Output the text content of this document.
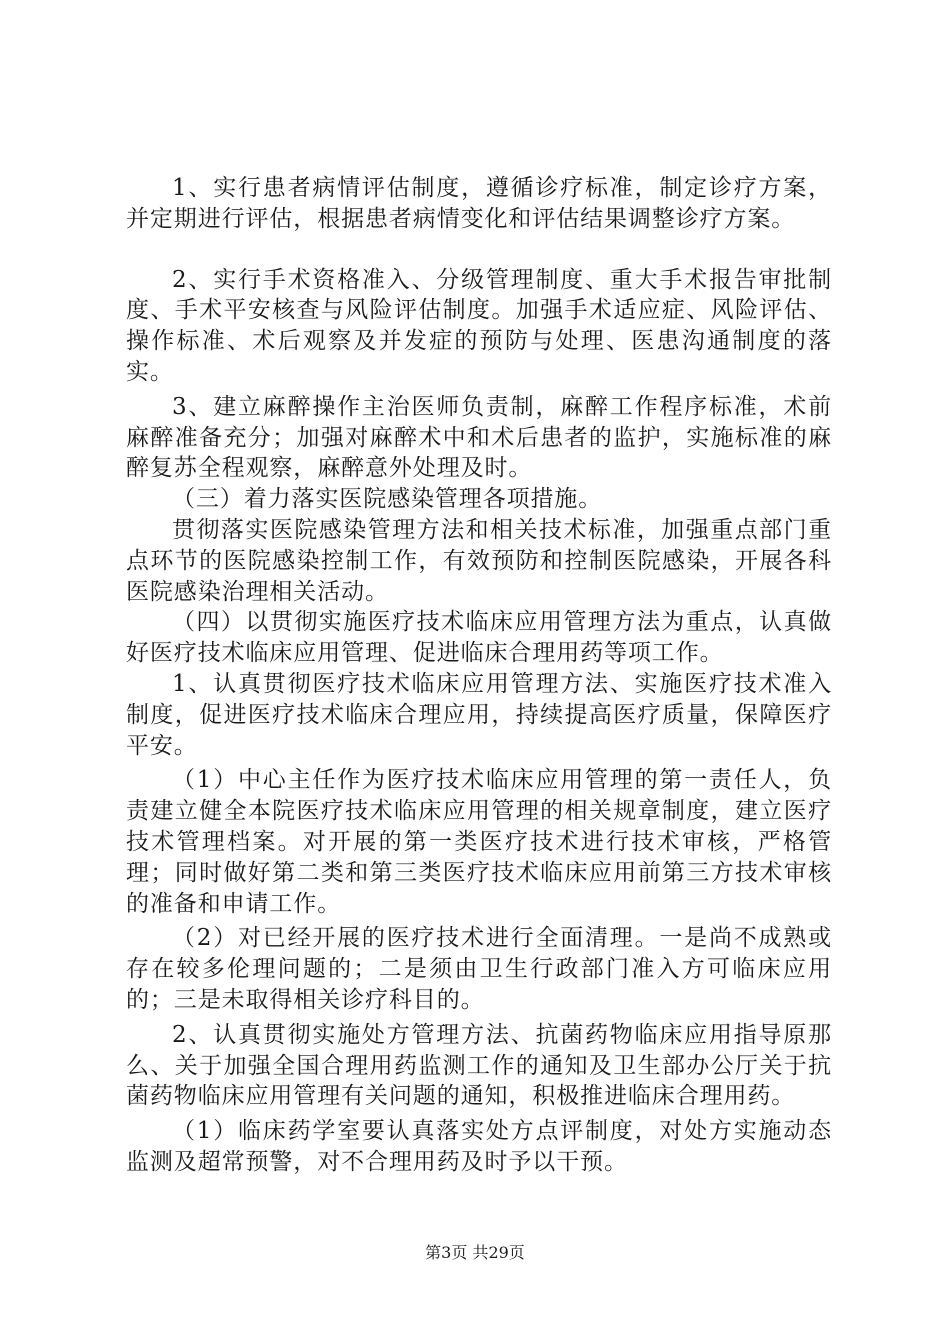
1、实行患者病情评估制度，遵循诊疗标准，制定诊疗方案，并定期进行评估，根据患者病情变化和评估结果调整诊疗方案。

2、实行手术资格准入、分级管理制度、重大手术报告审批制度、手术平安核查与风险评估制度。加强手术适应症、风险评估、操作标准、术后观察及并发症的预防与处理、医患沟通制度的落实。

3、建立麻醉操作主治医师负责制，麻醉工作程序标准，术前麻醉准备充分；加强对麻醉术中和术后患者的监护，实施标准的麻醉复苏全程观察，麻醉意外处理及时。

（三）着力落实医院感染管理各项措施。

贯彻落实医院感染管理方法和相关技术标准，加强重点部门重点环节的医院感染控制工作，有效预防和控制医院感染，开展各科医院感染治理相关活动。

（四）以贯彻实施医疗技术临床应用管理方法为重点，认真做好医疗技术临床应用管理、促进临床合理用药等项工作。

1、认真贯彻医疗技术临床应用管理方法、实施医疗技术准入制度，促进医疗技术临床合理应用，持续提高医疗质量，保障医疗平安。

（1）中心主任作为医疗技术临床应用管理的第一责任人，负责建立健全本院医疗技术临床应用管理的相关规章制度，建立医疗技术管理档案。对开展的第一类医疗技术进行技术审核，严格管理；同时做好第二类和第三类医疗技术临床应用前第三方技术审核的准备和申请工作。

（2）对已经开展的医疗技术进行全面清理。一是尚不成熟或存在较多伦理问题的；二是须由卫生行政部门准入方可临床应用的；三是未取得相关诊疗科目的。

2、认真贯彻实施处方管理方法、抗菌药物临床应用指导原那么、关于加强全国合理用药监测工作的通知及卫生部办公厅关于抗菌药物临床应用管理有关问题的通知，积极推进临床合理用药。

（1）临床药学室要认真落实处方点评制度，对处方实施动态监测及超常预警，对不合理用药及时予以干预。

第3页 共29页
